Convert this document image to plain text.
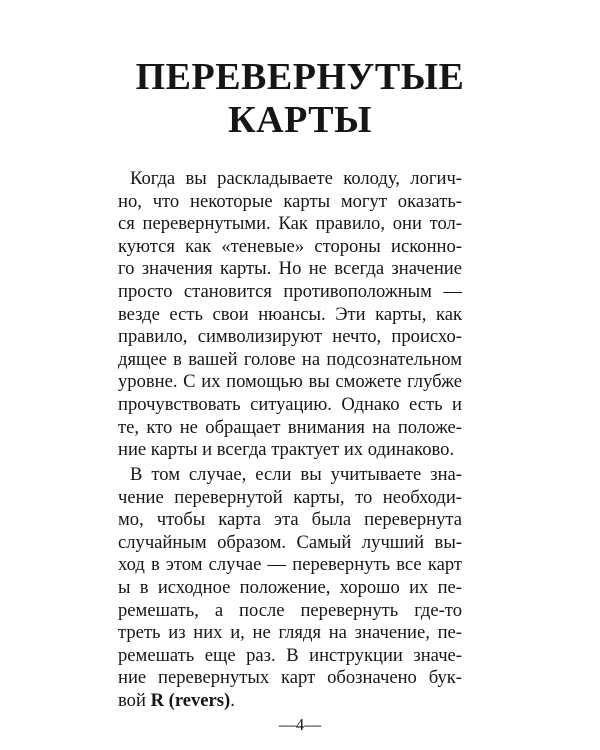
ПЕРЕВЕРНУТЫЕ
КАРТЫ
Когда вы раскладываете колоду, логич-
но, что некоторые карты могут оказать-
ся перевернутыми. Как правило, они тол-
куются как «теневые» стороны исконно-
го значения карты. Но не всегда значение
просто становится противоположным —
везде есть свои нюансы. Эти карты, как
правило, символизируют нечто, происхо-
дящее в вашей голове на подсознательном
уровне. С их помощью вы сможете глубже
прочувствовать ситуацию. Однако есть и
те, кто не обращает внимания на положе-
ние карты и всегда трактует их одинаково.
В том случае, если вы учитываете зна-
чение перевернутой карты, то необходи-
мо, чтобы карта эта была перевернута
случайным образом. Самый лучший вы-
ход в этом случае — перевернуть все карт
ы в исходное положение, хорошо их пе-
ремешать, а после перевернуть где-то
треть из них и, не глядя на значение, пе-
ремешать еще раз. В инструкции значе-
ние перевернутых карт обозначено бук-
вой R (revers).
—4—
